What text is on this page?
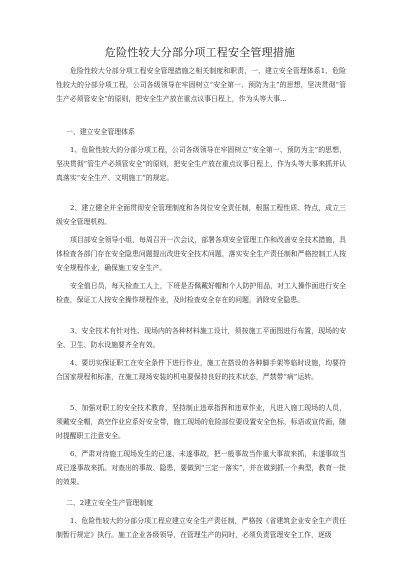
危险性较大分部分项工程安全管理措施
危险性较大分部分项工程安全管理措施之相关制度和职责，一、建立安全管理体系1、危险性较大的分部分项工程，公司各级领导在牢固树立“安全第一、预防为主”的思想，坚决贯彻“管生产必须管安全”的原则，把安全生产放在重点议事日程上，作为头等大事...
一、建立安全管理体系
1、危险性较大的分部分项工程，公司各级领导在牢固树立“安全第一、预防为主”的思想，坚决贯彻“管生产必须管安全”的原则，把安全生产放在重点议事日程上，作为头等大事来抓并认真落实“安全生产、文明施工”的规定。
2、建立健全并全面贯彻安全管理制度和各岗位安全责任制，根据工程性质、特点，成立三级安全管理机构。
项目部安全领导小组，每周召开一次会议，部署各项安全管理工作和改善安全技术措施，具体检查各部门存在安全隐患问题提出改进安全技术问题，落实安全生产责任制和严格控制工人按安全规程作业，确保施工安全生产。
安全值日员，每天检查工人上，下班是否佩戴好帽和个人防护用品，对工人操作面进行安全检查，保证工人按安全操作规程作业，及时检查安全存在的问题，消除安全隐患。
3、安全技术有针对性、现场内的各种材料施工设计，须按施工平面图进行布置，现场的安全、卫生、防水设施要齐全有效。
4、要切实保证职工在安全条件下进行作业，施工在搭设的各种脚手架等临时设施，均要符合国家规程和标准，在施工现场安装的机电要保持良好的技术状态，严禁带“病”运转。
5、加强对职工的安全技术教育，坚持制止违章指挥和违章作业，凡进入施工现场的人员，须戴安全帽，高空作业应系好安全带，施工现场的危险部位要设置安全色标，标语或宣传画，随时提醒职工注意安全。
6、严肃对待施工现场发生的已遂、未遂事故，把一般事故当作重大事故来抓，未遂事故当成已遂事故来抓。对查出的事故、隐患，要做到“三定一落实”，并在做到抓一个典型，教育一批的效果。
二、2建立安全生产管理制度
1、危险性较大的分部分项工程应建立安全生产责任制，严格按《省建筑企业安全生产责任制暂行规定》执行。施工企业各级领导，在管理生产的同时，必须负责管理安全工作，逐级
